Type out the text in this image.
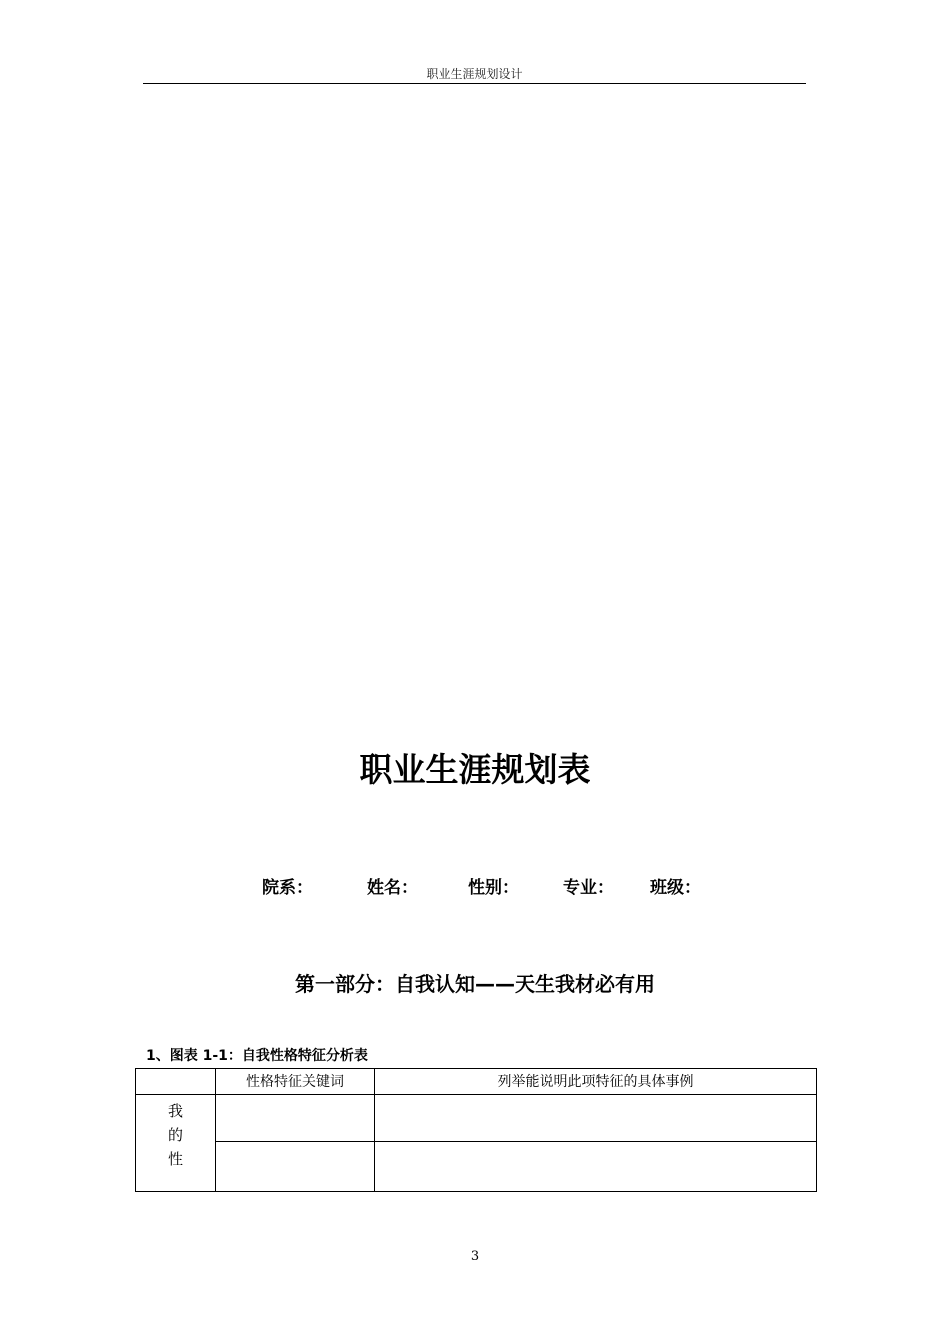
职业生涯规划设计
职业生涯规划表
院系：	姓名：	性别：	专业： 班级：
第一部分：自我认知——天生我材必有用
1、图表 1-1：自我性格特征分析表
	性格特征关键词	列举能说明此项特征的具体事例

我
的
性		

3
